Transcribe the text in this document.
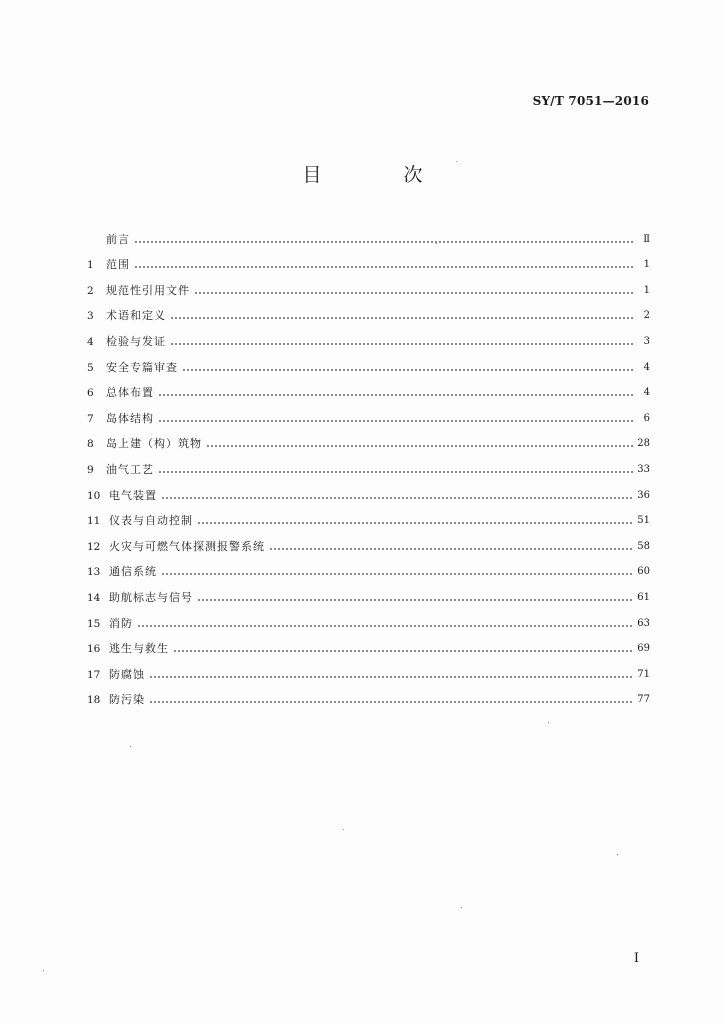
SY/T 7051—2016
目 次
前言	Ⅱ
1	范围	1
2	规范性引用文件	1
3	术语和定义	2
4	检验与发证	3
5	安全专篇审查	4
6	总体布置	4
7	岛体结构	6
8	岛上建（构）筑物	28
9	油气工艺	33
10 电气装置	36
11 仪表与自动控制	51
12 火灾与可燃气体探测报警系统	58
13 通信系统	60
14 助航标志与信号	61
15 消防	63
16 逃生与救生	69
17 防腐蚀	71
18 防污染	77
I
